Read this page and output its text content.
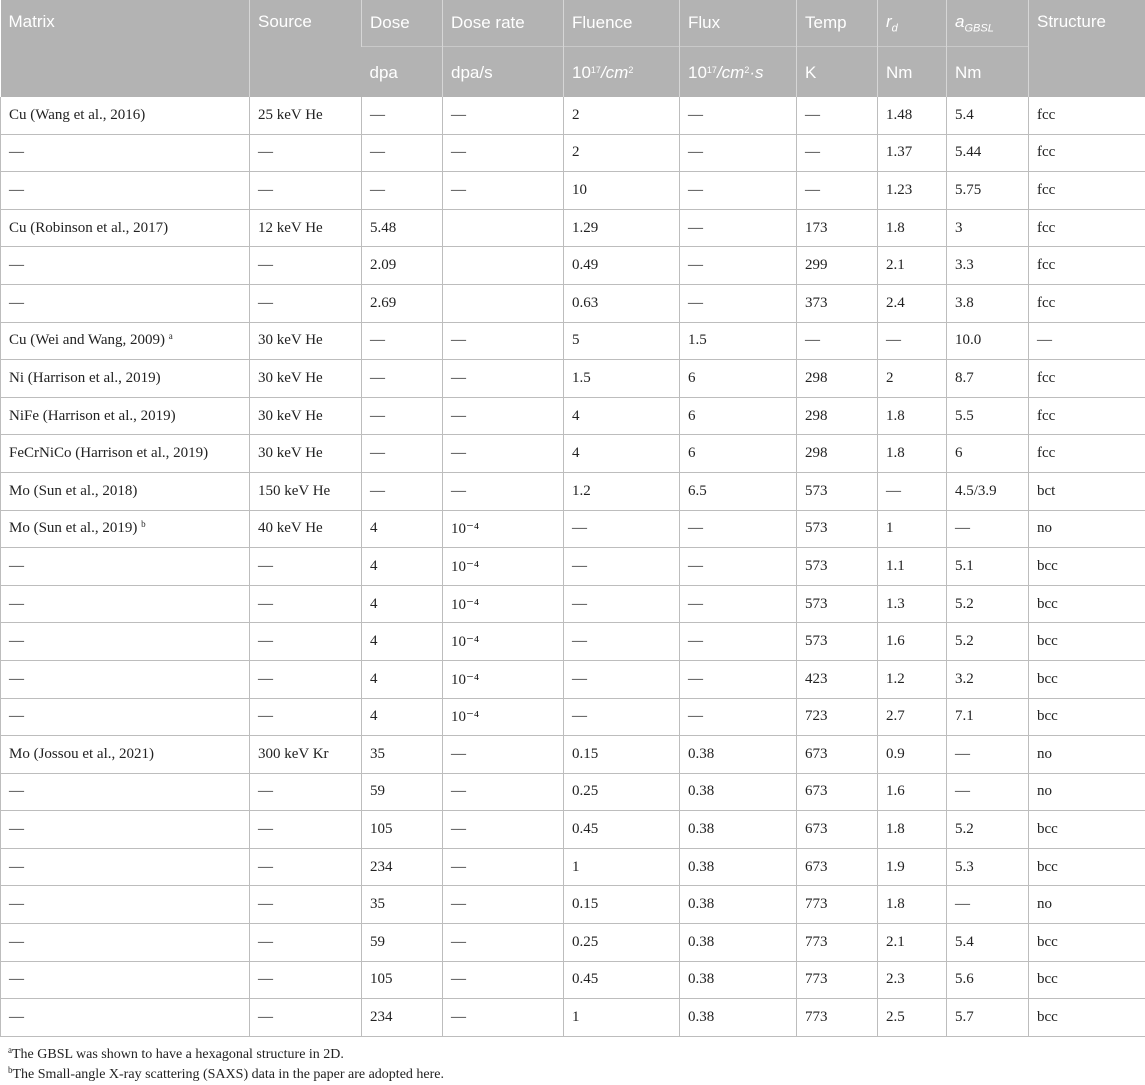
Matrix	Source	Dose	Dose rate	Fluence	Flux	Temp	$r_d$	$a_{GBSL}$	Structure
		dpa	dpa/s	$10^{17}/cm^2$	$10^{17}/cm^2\cdot s$	K	Nm	Nm	
Cu (Wang et al., 2016)	25 keV He	—	—	2	—	—	1.48	5.4	fcc
—	—	—	—	2	—	—	1.37	5.44	fcc
—	—	—	—	10	—	—	1.23	5.75	fcc
Cu (Robinson et al., 2017)	12 keV He	5.48		1.29	—	173	1.8	3	fcc
—	—	2.09		0.49	—	299	2.1	3.3	fcc
—	—	2.69		0.63	—	373	2.4	3.8	fcc
Cu (Wei and Wang, 2009) $^a$	30 keV He	—	—	5	1.5	—	—	10.0	—
Ni (Harrison et al., 2019)	30 keV He	—	—	1.5	6	298	2	8.7	fcc
NiFe (Harrison et al., 2019)	30 keV He	—	—	4	6	298	1.8	5.5	fcc
FeCrNiCo (Harrison et al., 2019)	30 keV He	—	—	4	6	298	1.8	6	fcc
Mo (Sun et al., 2018)	150 keV He	—	—	1.2	6.5	573	—	4.5/3.9	bct
Mo (Sun et al., 2019) $^b$	40 keV He	4	10⁻⁴	—	—	573	1	—	no
—	—	4	10⁻⁴	—	—	573	1.1	5.1	bcc
—	—	4	10⁻⁴	—	—	573	1.3	5.2	bcc
—	—	4	10⁻⁴	—	—	573	1.6	5.2	bcc
—	—	4	10⁻⁴	—	—	423	1.2	3.2	bcc
—	—	4	10⁻⁴	—	—	723	2.7	7.1	bcc
Mo (Jossou et al., 2021)	300 keV Kr	35	—	0.15	0.38	673	0.9	—	no
—	—	59	—	0.25	0.38	673	1.6	—	no
—	—	105	—	0.45	0.38	673	1.8	5.2	bcc
—	—	234	—	1	0.38	673	1.9	5.3	bcc
—	—	35	—	0.15	0.38	773	1.8	—	no
—	—	59	—	0.25	0.38	773	2.1	5.4	bcc
—	—	105	—	0.45	0.38	773	2.3	5.6	bcc
—	—	234	—	1	0.38	773	2.5	5.7	bcc
$^a$The GBSL was shown to have a hexagonal structure in 2D.
$^b$The Small-angle X-ray scattering (SAXS) data in the paper are adopted here.
